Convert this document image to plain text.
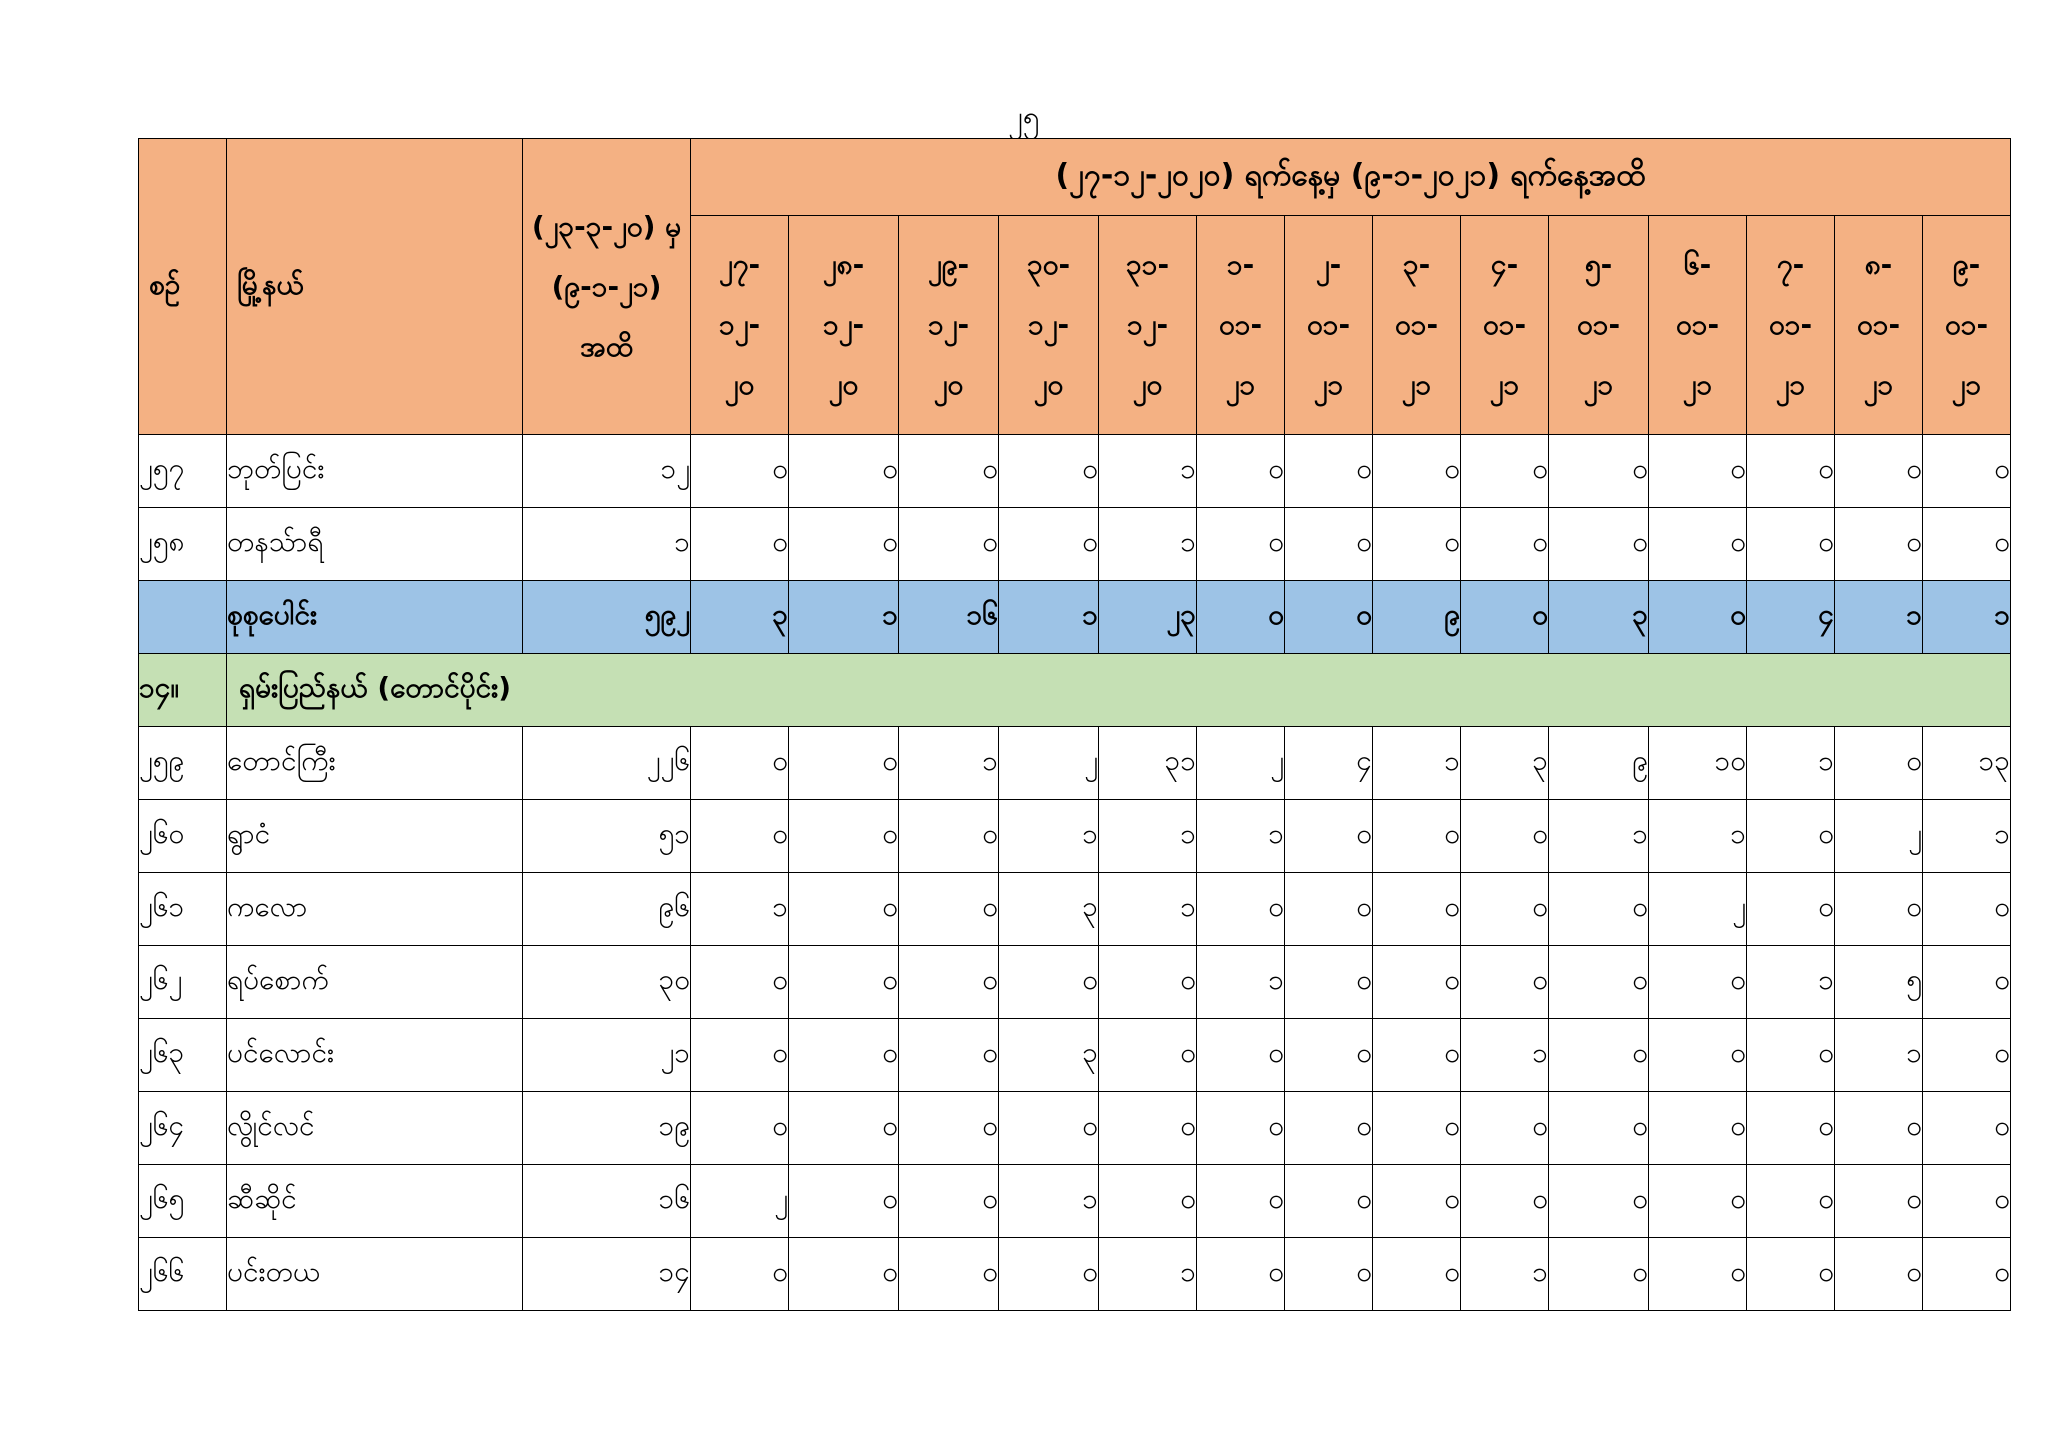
၂၅
စဉ်	မြို့နယ်	(၂၃-၃-၂၀) မှ (၉-၁-၂၁) အထိ	(၂၇-၁၂-၂၀၂၀) ရက်နေ့မှ (၉-၁-၂၀၂၁) ရက်နေ့အထိ													

			၂၇-
၁၂-
၂၀	၂၈-
၁၂-
၂၀	၂၉-
၁၂-
၂၀	၃၀-
၁၂-
၂၀	၃၁-
၁၂-
၂၀	၁-
၀၁-
၂၁	၂-
၀၁-
၂၁	၃-
၀၁-
၂၁	၄-
၀၁-
၂၁	၅-
၀၁-
၂၁	၆-
၀၁-
၂၁	၇-
၀၁-
၂၁	၈-
၀၁-
၂၁	၉-
၀၁-
၂၁

၂၅၇	ဘုတ်ပြင်း	၁၂	၀	၀	၀	၀	၁	၀	၀	၀	၀	၀	၀	၀	၀	၀
၂၅၈	တနသ်ာရီ	၁	၀	၀	၀	၀	၁	၀	၀	၀	၀	၀	၀	၀	၀	၀
	စုစုပေါင်း	၅၉၂	၃	၁	၁၆	၁	၂၃	၀	၀	၉	၀	၃	၀	၄	၁	၁
၁၄။	ရှမ်းပြည်နယ် (တောင်ပိုင်း)															
၂၅၉	တောင်ကြီး	၂၂၆	၀	၀	၁	၂	၃၁	၂	၄	၁	၃	၉	၁၀	၁	၀	၁၃
၂၆၀	ရွာငံ	၅၁	၀	၀	၀	၁	၁	၁	၀	၀	၀	၁	၁	၀	၂	၁
၂၆၁	ကလော	၉၆	၁	၀	၀	၃	၁	၀	၀	၀	၀	၀	၂	၀	၀	၀
၂၆၂	ရပ်စောက်	၃၀	၀	၀	၀	၀	၀	၁	၀	၀	၀	၀	၀	၁	၅	၀
၂၆၃	ပင်လောင်း	၂၁	၀	၀	၀	၃	၀	၀	၀	၀	၁	၀	၀	၀	၁	၀
၂၆၄	လွိုင်လင်	၁၉	၀	၀	၀	၀	၀	၀	၀	၀	၀	၀	၀	၀	၀	၀
၂၆၅	ဆီဆိုင်	၁၆	၂	၀	၀	၁	၀	၀	၀	၀	၀	၀	၀	၀	၀	၀
၂၆၆	ပင်းတယ	၁၄	၀	၀	၀	၀	၁	၀	၀	၀	၁	၀	၀	၀	၀	၀
